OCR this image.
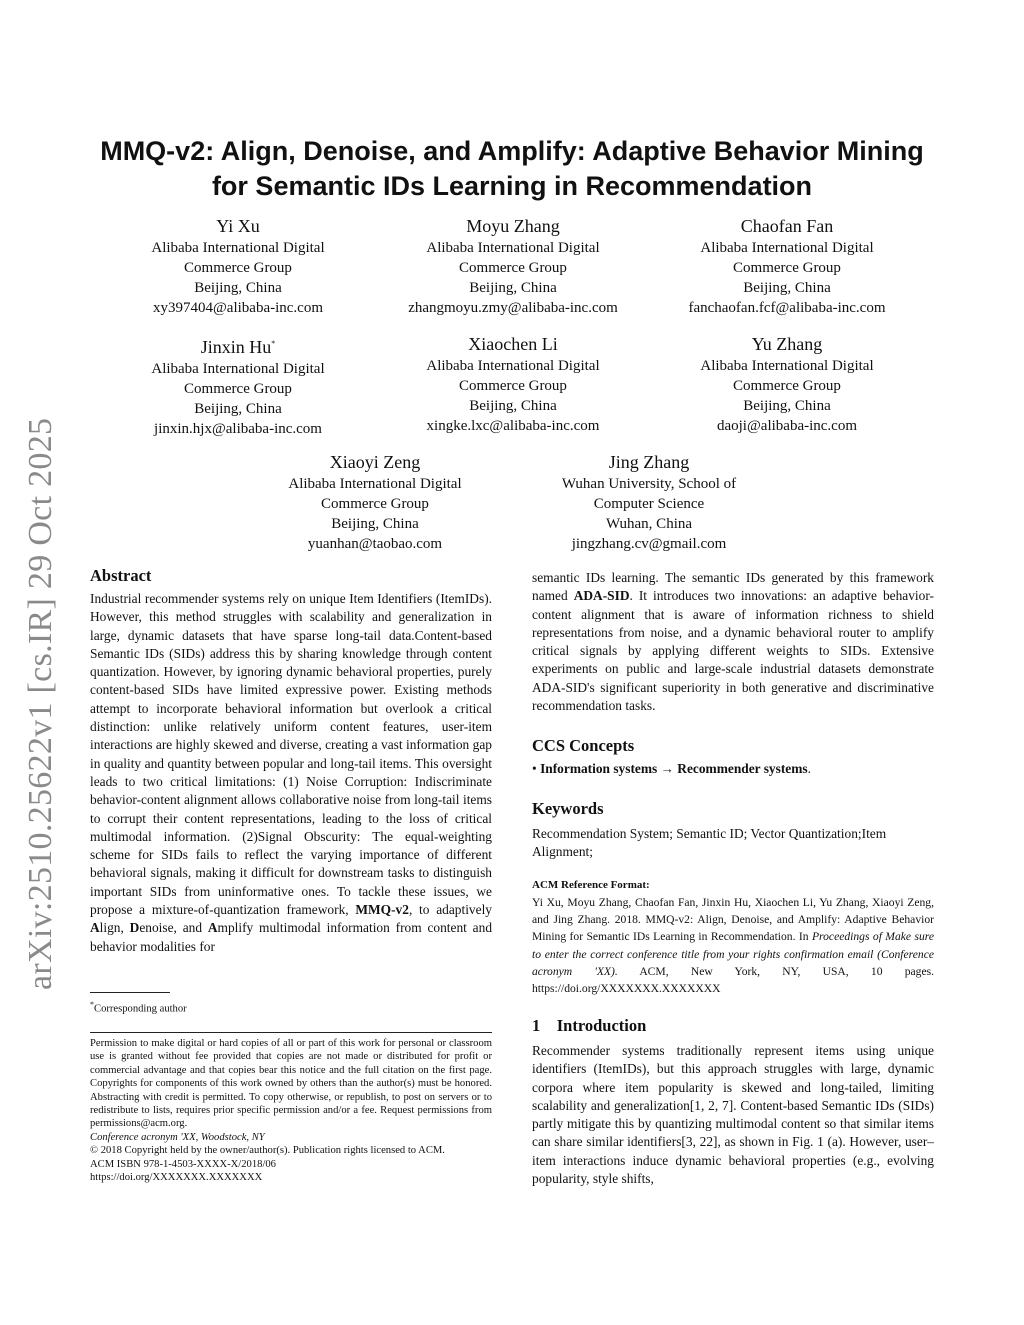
arXiv:2510.25622v1 [cs.IR] 29 Oct 2025
MMQ-v2: Align, Denoise, and Amplify: Adaptive Behavior Mining
for Semantic IDs Learning in Recommendation
Yi Xu
Alibaba International Digital
Commerce Group
Beijing, China
xy397404@alibaba-inc.com
Moyu Zhang
Alibaba International Digital
Commerce Group
Beijing, China
zhangmoyu.zmy@alibaba-inc.com
Chaofan Fan
Alibaba International Digital
Commerce Group
Beijing, China
fanchaofan.fcf@alibaba-inc.com
Jinxin Hu*
Alibaba International Digital
Commerce Group
Beijing, China
jinxin.hjx@alibaba-inc.com
Xiaochen Li
Alibaba International Digital
Commerce Group
Beijing, China
xingke.lxc@alibaba-inc.com
Yu Zhang
Alibaba International Digital
Commerce Group
Beijing, China
daoji@alibaba-inc.com
Xiaoyi Zeng
Alibaba International Digital
Commerce Group
Beijing, China
yuanhan@taobao.com
Jing Zhang
Wuhan University, School of
Computer Science
Wuhan, China
jingzhang.cv@gmail.com
Abstract
Industrial recommender systems rely on unique Item Identifiers (ItemIDs). However, this method struggles with scalability and generalization in large, dynamic datasets that have sparse long-tail data.Content-based Semantic IDs (SIDs) address this by sharing knowledge through content quantization. However, by ignoring dynamic behavioral properties, purely content-based SIDs have limited expressive power. Existing methods attempt to incorporate behavioral information but overlook a critical distinction: unlike relatively uniform content features, user-item interactions are highly skewed and diverse, creating a vast information gap in quality and quantity between popular and long-tail items. This oversight leads to two critical limitations: (1) Noise Corruption: Indiscriminate behavior-content alignment allows collaborative noise from long-tail items to corrupt their content representations, leading to the loss of critical multimodal information. (2)Signal Obscurity: The equal-weighting scheme for SIDs fails to reflect the varying importance of different behavioral signals, making it difficult for downstream tasks to distinguish important SIDs from uninformative ones. To tackle these issues, we propose a mixture-of-quantization framework, MMQ-v2, to adaptively Align, Denoise, and Amplify multimodal information from content and behavior modalities for
*Corresponding author
Permission to make digital or hard copies of all or part of this work for personal or classroom use is granted without fee provided that copies are not made or distributed for profit or commercial advantage and that copies bear this notice and the full citation on the first page. Copyrights for components of this work owned by others than the author(s) must be honored. Abstracting with credit is permitted. To copy otherwise, or republish, to post on servers or to redistribute to lists, requires prior specific permission and/or a fee. Request permissions from permissions@acm.org.
Conference acronym 'XX, Woodstock, NY
© 2018 Copyright held by the owner/author(s). Publication rights licensed to ACM.
ACM ISBN 978-1-4503-XXXX-X/2018/06
https://doi.org/XXXXXXX.XXXXXXX
semantic IDs learning. The semantic IDs generated by this framework named ADA-SID. It introduces two innovations: an adaptive behavior-content alignment that is aware of information richness to shield representations from noise, and a dynamic behavioral router to amplify critical signals by applying different weights to SIDs. Extensive experiments on public and large-scale industrial datasets demonstrate ADA-SID's significant superiority in both generative and discriminative recommendation tasks.
CCS Concepts
• Information systems → Recommender systems.
Keywords
Recommendation System; Semantic ID; Vector Quantization;Item Alignment;
ACM Reference Format:
Yi Xu, Moyu Zhang, Chaofan Fan, Jinxin Hu, Xiaochen Li, Yu Zhang, Xiaoyi Zeng, and Jing Zhang. 2018. MMQ-v2: Align, Denoise, and Amplify: Adaptive Behavior Mining for Semantic IDs Learning in Recommendation. In Proceedings of Make sure to enter the correct conference title from your rights confirmation email (Conference acronym 'XX). ACM, New York, NY, USA, 10 pages. https://doi.org/XXXXXXX.XXXXXXX
1 Introduction
Recommender systems traditionally represent items using unique identifiers (ItemIDs), but this approach struggles with large, dynamic corpora where item popularity is skewed and long-tailed, limiting scalability and generalization[1, 2, 7]. Content-based Semantic IDs (SIDs) partly mitigate this by quantizing multimodal content so that similar items can share similar identifiers[3, 22], as shown in Fig. 1 (a). However, user–item interactions induce dynamic behavioral properties (e.g., evolving popularity, style shifts,
